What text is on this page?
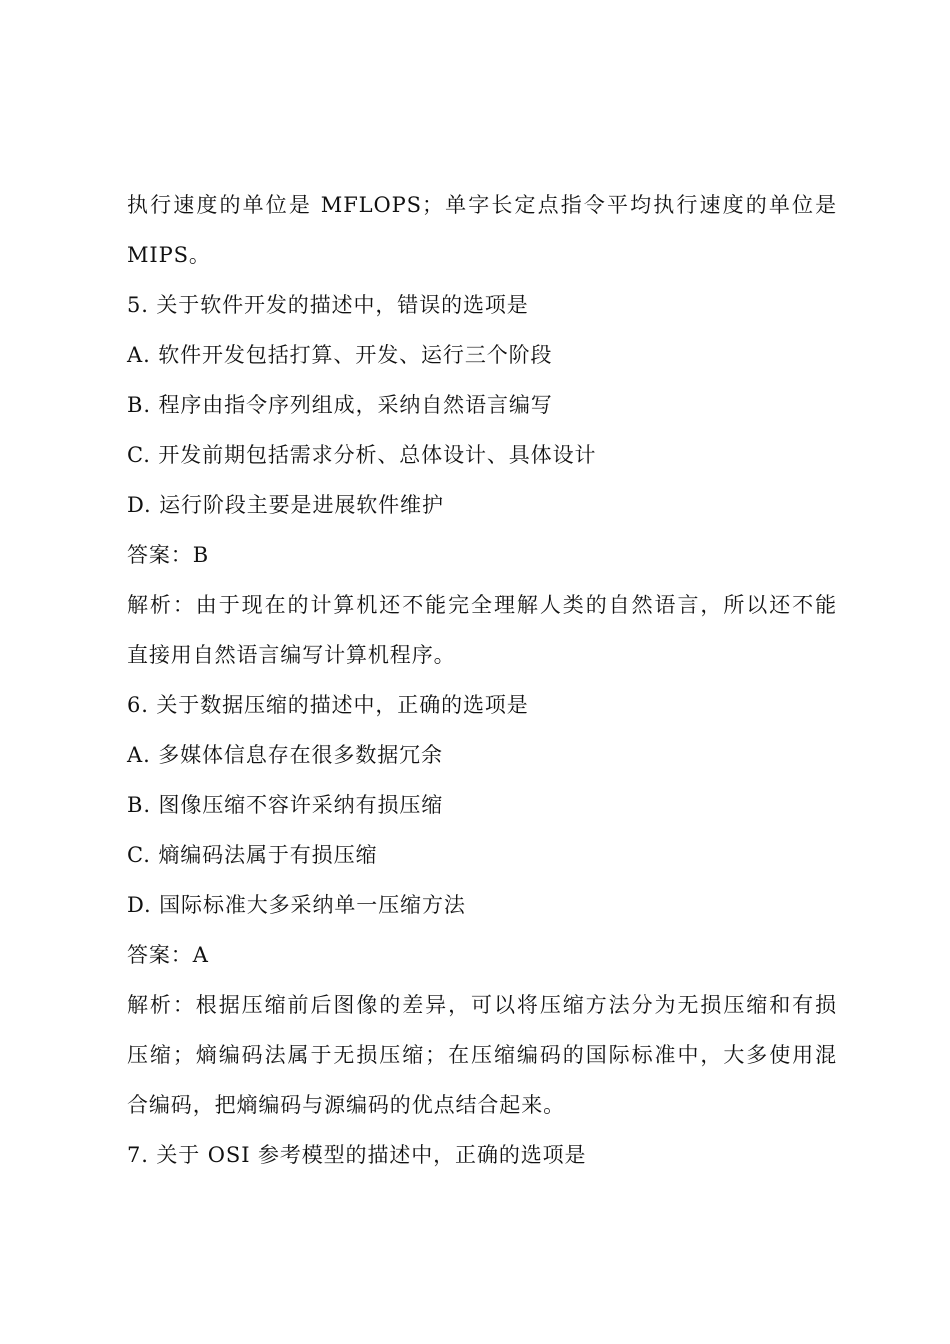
执行速度的单位是 MFLOPS；单字长定点指令平均执行速度的单位是
MIPS。
5. 关于软件开发的描述中，错误的选项是
A. 软件开发包括打算、开发、运行三个阶段
B. 程序由指令序列组成，采纳自然语言编写
C. 开发前期包括需求分析、总体设计、具体设计
D. 运行阶段主要是进展软件维护
答案：B
解析：由于现在的计算机还不能完全理解人类的自然语言，所以还不能
直接用自然语言编写计算机程序。
6. 关于数据压缩的描述中，正确的选项是
A. 多媒体信息存在很多数据冗余
B. 图像压缩不容许采纳有损压缩
C. 熵编码法属于有损压缩
D. 国际标准大多采纳单一压缩方法
答案：A
解析：根据压缩前后图像的差异，可以将压缩方法分为无损压缩和有损
压缩；熵编码法属于无损压缩；在压缩编码的国际标准中，大多使用混
合编码，把熵编码与源编码的优点结合起来。
7. 关于 OSI 参考模型的描述中，正确的选项是
